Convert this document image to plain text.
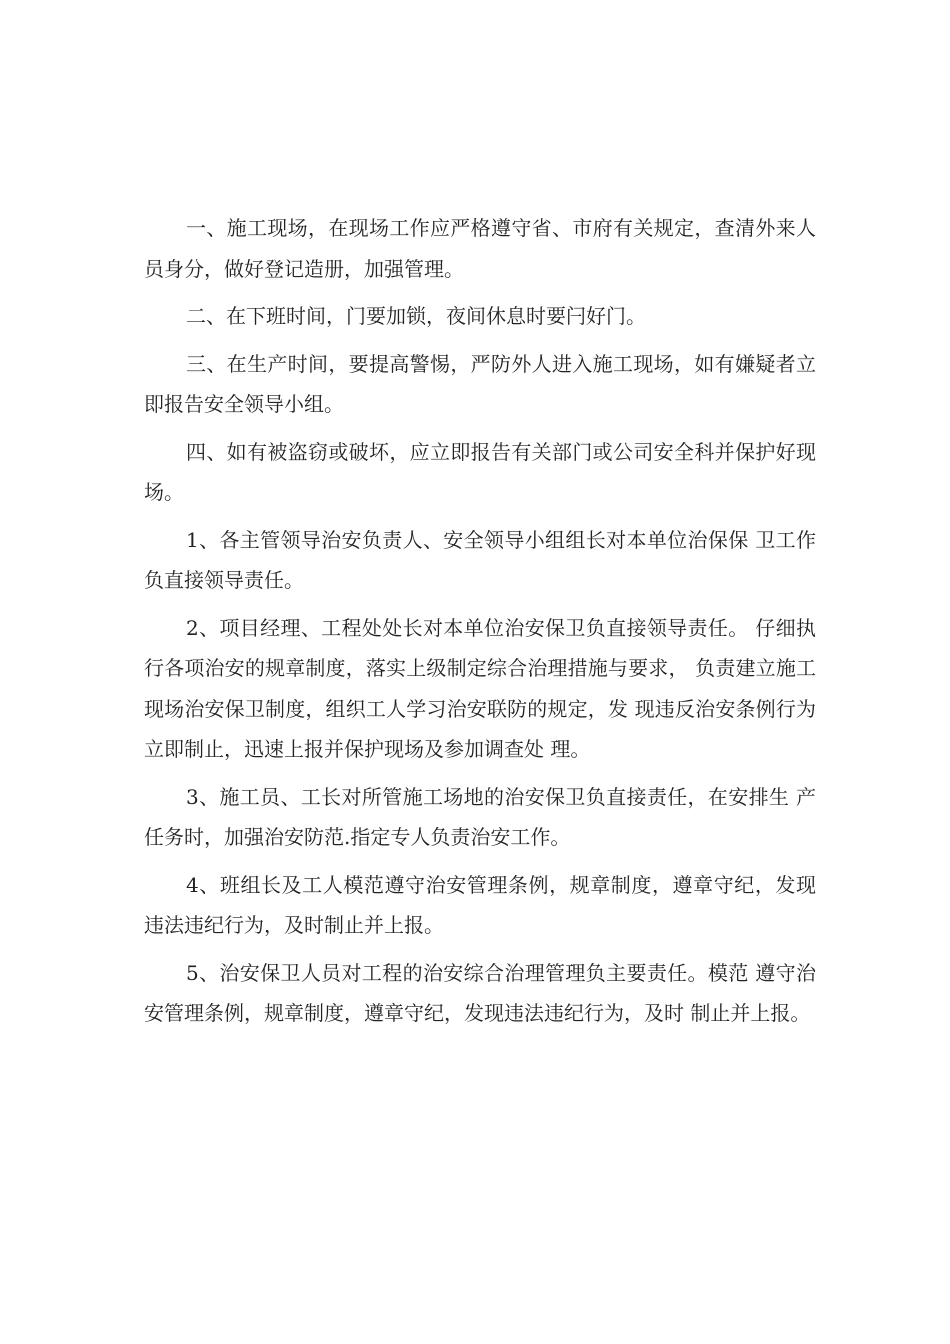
一、施工现场，在现场工作应严格遵守省、市府有关规定，查清外来人员身分，做好登记造册，加强管理。

二、在下班时间，门要加锁，夜间休息时要闩好门。

三、在生产时间，要提高警惕，严防外人进入施工现场，如有嫌疑者立即报告安全领导小组。

四、如有被盗窃或破坏，应立即报告有关部门或公司安全科并保护好现场。

1、各主管领导治安负责人、安全领导小组组长对本单位治保保 卫工作负直接领导责任。

2、项目经理、工程处处长对本单位治安保卫负直接领导责任。 仔细执行各项治安的规章制度，落实上级制定综合治理措施与要求， 负责建立施工现场治安保卫制度，组织工人学习治安联防的规定，发 现违反治安条例行为立即制止，迅速上报并保护现场及参加调查处 理。

3、施工员、工长对所管施工场地的治安保卫负直接责任，在安排生 产任务时，加强治安防范.指定专人负责治安工作。

4、班组长及工人模范遵守治安管理条例，规章制度，遵章守纪，发现违法违纪行为，及时制止并上报。

5、治安保卫人员对工程的治安综合治理管理负主要责任。模范 遵守治安管理条例，规章制度，遵章守纪，发现违法违纪行为，及时 制止并上报。
